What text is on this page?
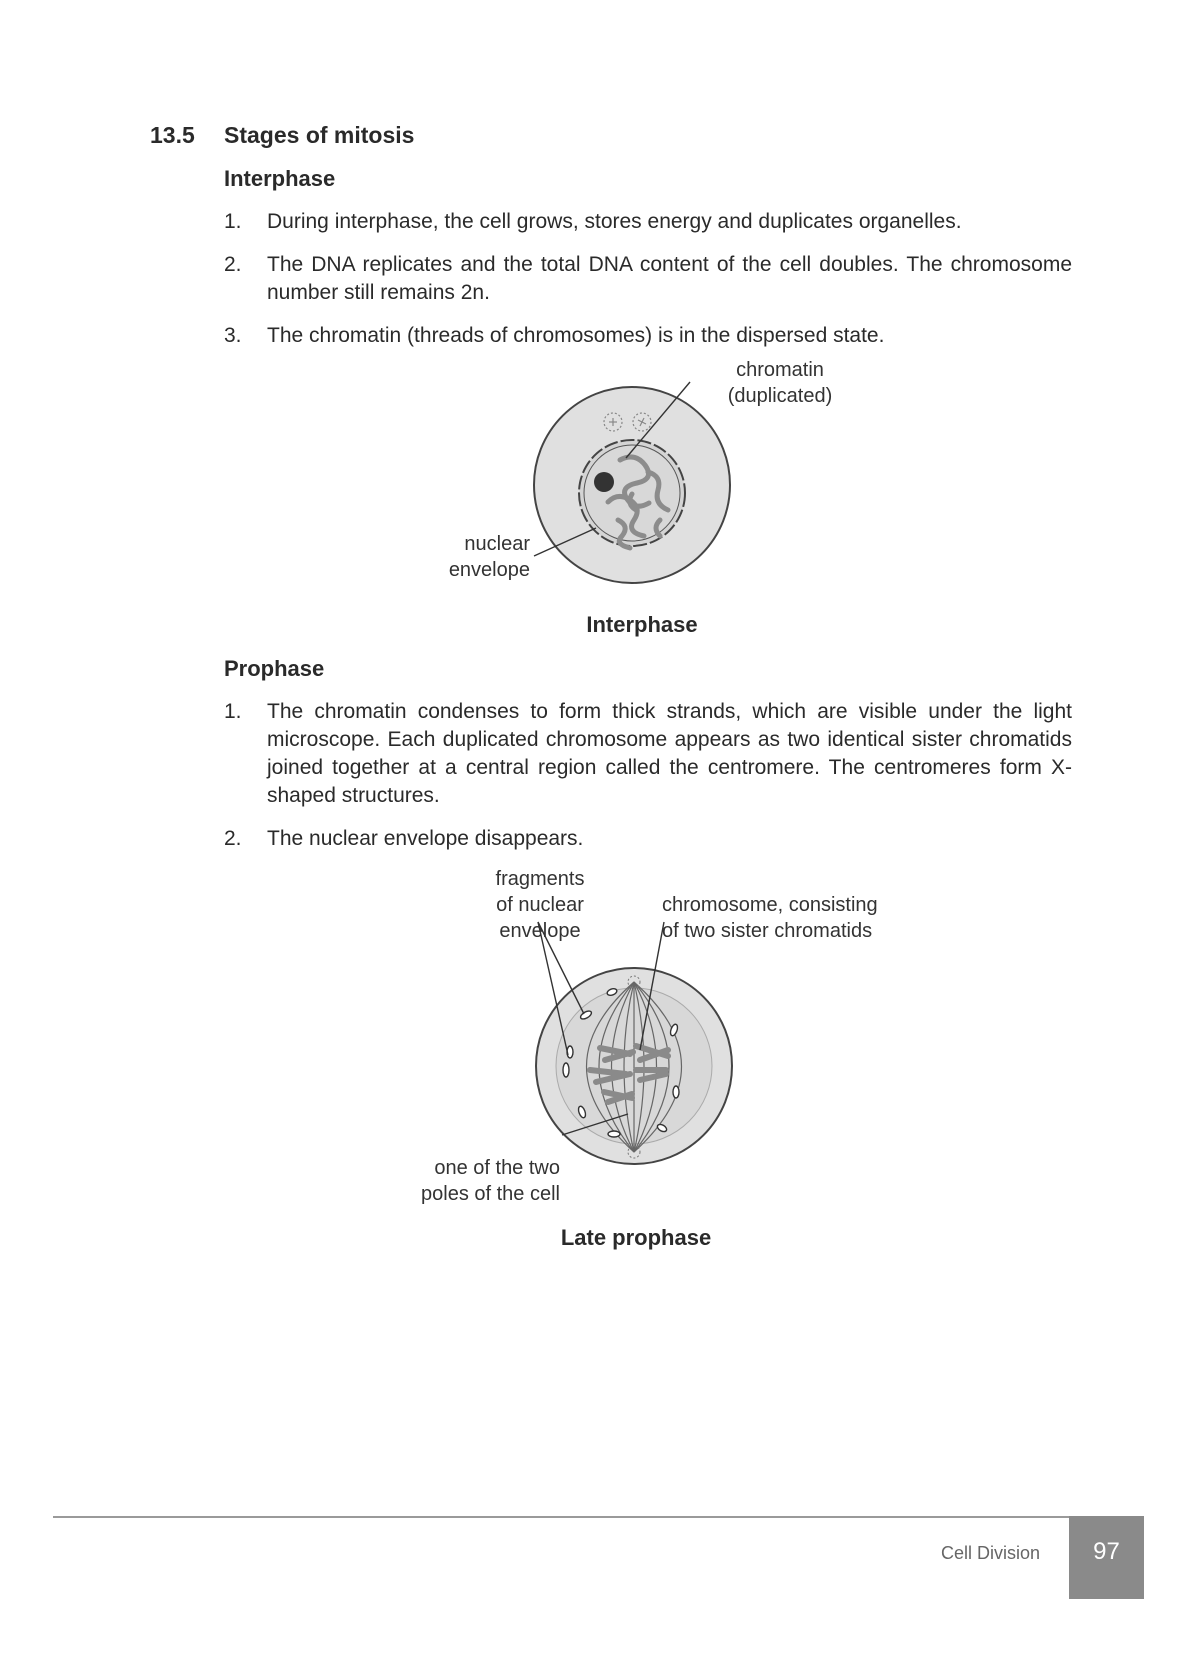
13.5 Stages of mitosis
Interphase
1. During interphase, the cell grows, stores energy and duplicates organelles.
2. The DNA replicates and the total DNA content of the cell doubles. The chromosome number still remains 2n.
3. The chromatin (threads of chromosomes) is in the dispersed state.
chromatin
(duplicated)
nuclear
envelope
Interphase
Prophase
1. The chromatin condenses to form thick strands, which are visible under the light microscope. Each duplicated chromosome appears as two identical sister chromatids joined together at a central region called the centromere. The centromeres form X-shaped structures.
2. The nuclear envelope disappears.
fragments
of nuclear
envelope
chromosome, consisting
of two sister chromatids
one of the two
poles of the cell
Late prophase
Cell Division	97
